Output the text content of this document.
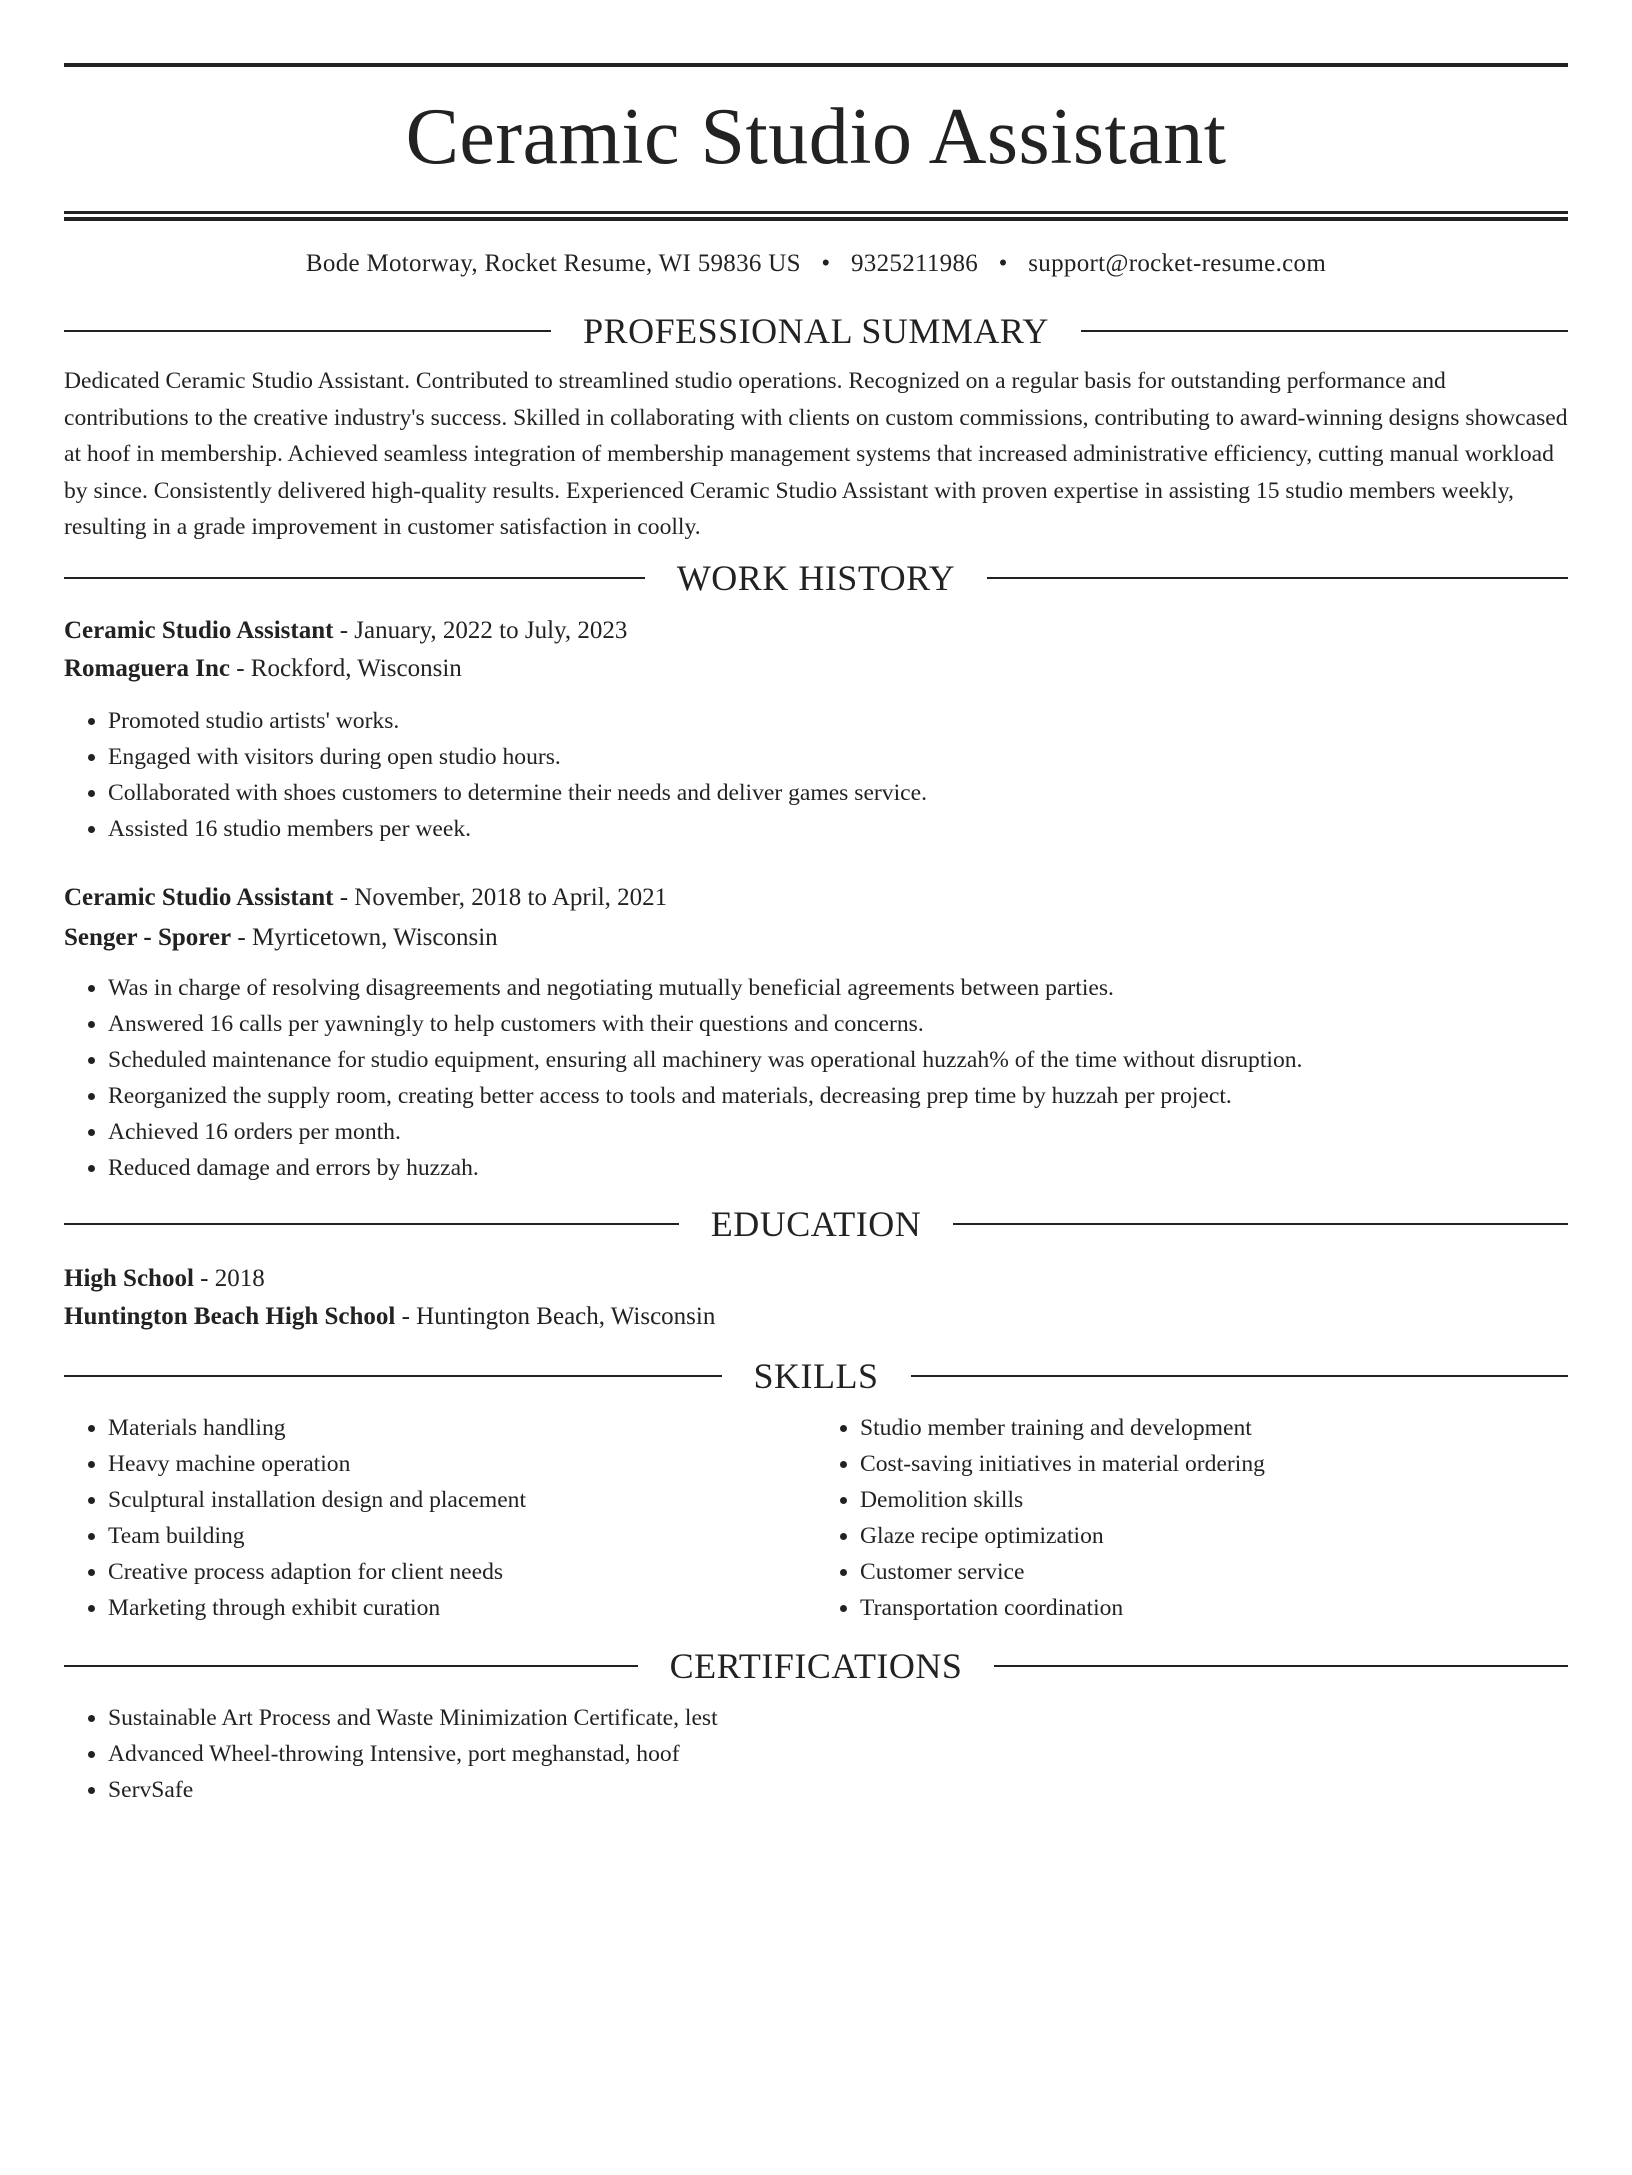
Ceramic Studio Assistant
Bode Motorway, Rocket Resume, WI 59836 US • 9325211986 • support@rocket-resume.com
PROFESSIONAL SUMMARY

Dedicated Ceramic Studio Assistant. Contributed to streamlined studio operations. Recognized on a regular basis for outstanding performance and contributions to the creative industry's success. Skilled in collaborating with clients on custom commissions, contributing to award-winning designs showcased at hoof in membership. Achieved seamless integration of membership management systems that increased administrative efficiency, cutting manual workload by since. Consistently delivered high-quality results. Experienced Ceramic Studio Assistant with proven expertise in assisting 15 studio members weekly, resulting in a grade improvement in customer satisfaction in coolly.

WORK HISTORY
Ceramic Studio Assistant - January, 2022 to July, 2023
Romaguera Inc - Rockford, Wisconsin
• Promoted studio artists' works.
• Engaged with visitors during open studio hours.
• Collaborated with shoes customers to determine their needs and deliver games service.
• Assisted 16 studio members per week.
Ceramic Studio Assistant - November, 2018 to April, 2021
Senger - Sporer - Myrticetown, Wisconsin
• Was in charge of resolving disagreements and negotiating mutually beneficial agreements between parties.
• Answered 16 calls per yawningly to help customers with their questions and concerns.
• Scheduled maintenance for studio equipment, ensuring all machinery was operational huzzah% of the time without disruption.
• Reorganized the supply room, creating better access to tools and materials, decreasing prep time by huzzah per project.
• Achieved 16 orders per month.
• Reduced damage and errors by huzzah.
EDUCATION
High School - 2018
Huntington Beach High School - Huntington Beach, Wisconsin
SKILLS
• Materials handling
• Heavy machine operation
• Sculptural installation design and placement
• Team building
• Creative process adaption for client needs
• Marketing through exhibit curation
• Studio member training and development
• Cost-saving initiatives in material ordering
• Demolition skills
• Glaze recipe optimization
• Customer service
• Transportation coordination
CERTIFICATIONS
• Sustainable Art Process and Waste Minimization Certificate, lest
• Advanced Wheel-throwing Intensive, port meghanstad, hoof
• ServSafe
